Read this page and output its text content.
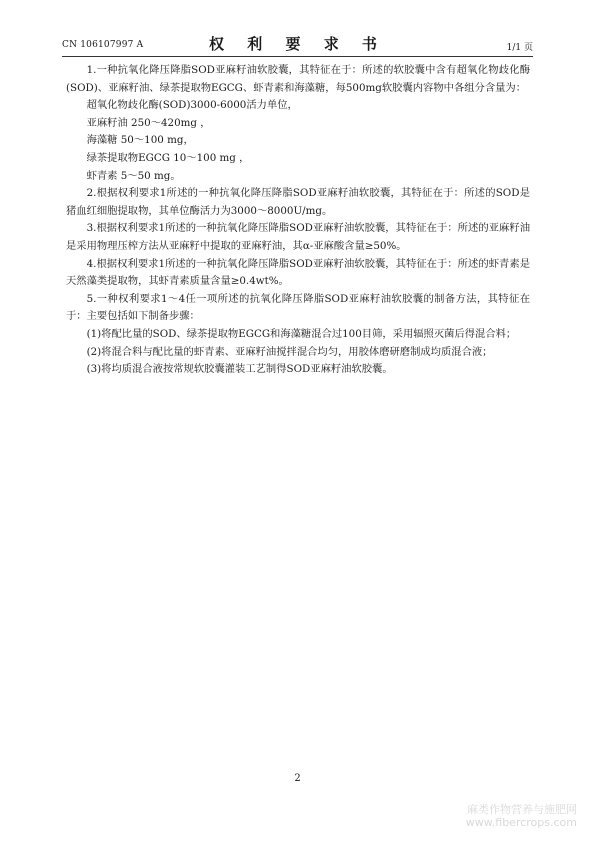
CN 106107997 A	权 利 要 求 书	1/1 页

1.一种抗氧化降压降脂SOD亚麻籽油软胶囊，其特征在于：所述的软胶囊中含有超氧化物歧化酶(SOD)、亚麻籽油、绿茶提取物EGCG、虾青素和海藻糖，每500mg软胶囊内容物中各组分含量为：

超氧化物歧化酶(SOD)3000-6000活力单位，

亚麻籽油 250～420mg ，

海藻糖 50～100 mg，

绿茶提取物EGCG 10～100 mg ，

虾青素 5～50 mg。

2.根据权利要求1所述的一种抗氧化降压降脂SOD亚麻籽油软胶囊，其特征在于：所述的SOD是猪血红细胞提取物，其单位酶活力为3000～8000U/mg。

3.根据权利要求1所述的一种抗氧化降压降脂SOD亚麻籽油软胶囊，其特征在于：所述的亚麻籽油是采用物理压榨方法从亚麻籽中提取的亚麻籽油，其α-亚麻酸含量≥50%。

4.根据权利要求1所述的一种抗氧化降压降脂SOD亚麻籽油软胶囊，其特征在于：所述的虾青素是天然藻类提取物，其虾青素质量含量≥0.4wt%。

5.一种权利要求1～4任一项所述的抗氧化降压降脂SOD亚麻籽油软胶囊的制备方法，其特征在于：主要包括如下制备步骤：

(1)将配比量的SOD、绿茶提取物EGCG和海藻糖混合过100目筛，采用辐照灭菌后得混合料；

(2)将混合料与配比量的虾青素、亚麻籽油搅拌混合均匀，用胶体磨研磨制成均质混合液；

(3)将均质混合液按常规软胶囊灌装工艺制得SOD亚麻籽油软胶囊。

2
麻类作物营养与施肥网
www.fibercrops.com
